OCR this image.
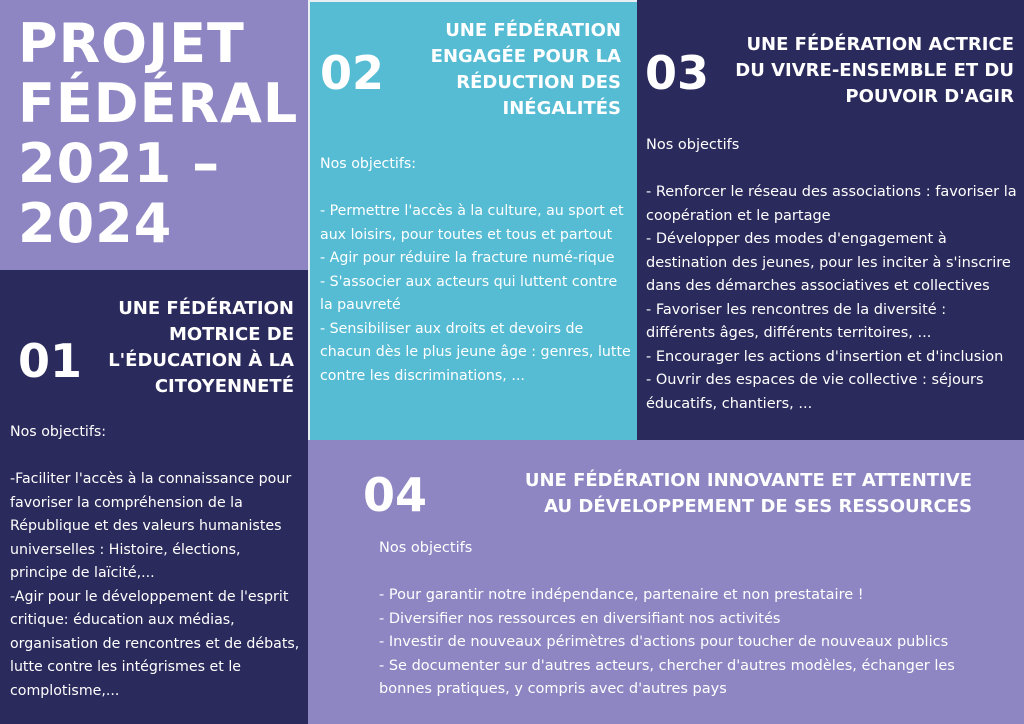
PROJET
FÉDÉRAL
2021 –
2024
01
UNE FÉDÉRATION
MOTRICE DE
L'ÉDUCATION À LA
CITOYENNETÉ
Nos objectifs:
-Faciliter l'accès à la connaissance pour favoriser la compréhension de la République et des valeurs humanistes universelles : Histoire, élections, principe de laïcité,...
-Agir pour le développement de l'esprit critique: éducation aux médias, organisation de rencontres et de débats, lutte contre les intégrismes et le complotisme,...
02
UNE FÉDÉRATION
ENGAGÉE POUR LA
RÉDUCTION DES
INÉGALITÉS
Nos objectifs:
- Permettre l'accès à la culture, au sport et aux loisirs, pour toutes et tous et partout
- Agir pour réduire la fracture numé-rique
- S'associer aux acteurs qui luttent contre la pauvreté
- Sensibiliser aux droits et devoirs de chacun dès le plus jeune âge : genres, lutte contre les discriminations, ...
03
UNE FÉDÉRATION ACTRICE
DU VIVRE-ENSEMBLE ET DU
POUVOIR D'AGIR
Nos objectifs
- Renforcer le réseau des associations : favoriser la coopération et le partage
- Développer des modes d'engagement à destination des jeunes, pour les inciter à s'inscrire dans des démarches associatives et collectives
- Favoriser les rencontres de la diversité : différents âges, différents territoires, ...
- Encourager les actions d'insertion et d'inclusion
- Ouvrir des espaces de vie collective : séjours éducatifs, chantiers, ...
04	UNE FÉDÉRATION INNOVANTE ET ATTENTIVE
AU DÉVELOPPEMENT DE SES RESSOURCES
Nos objectifs
- Pour garantir notre indépendance, partenaire et non prestataire !
- Diversifier nos ressources en diversifiant nos activités
- Investir de nouveaux périmètres d'actions pour toucher de nouveaux publics
- Se documenter sur d'autres acteurs, chercher d'autres modèles, échanger les bonnes pratiques, y compris avec d'autres pays
